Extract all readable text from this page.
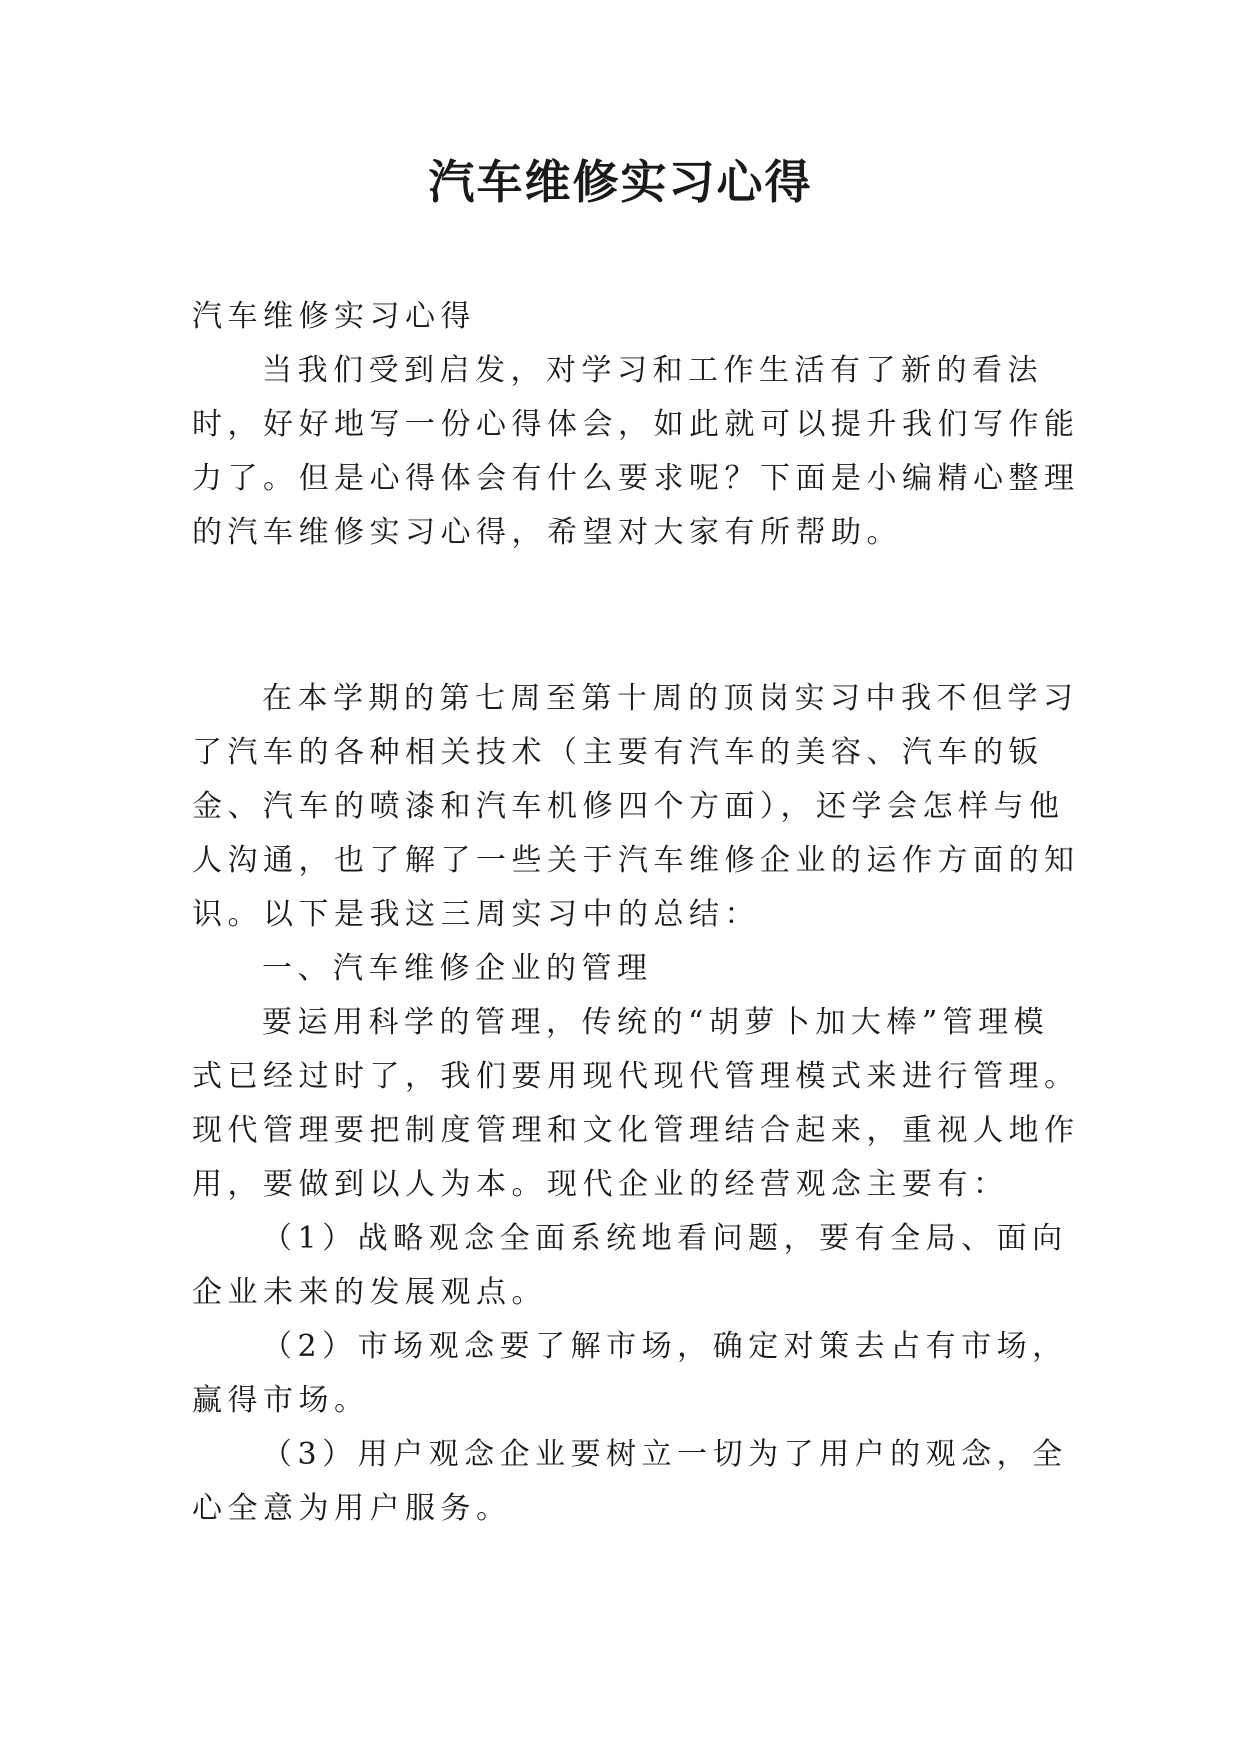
汽车维修实习心得

汽车维修实习心得

当我们受到启发，对学习和工作生活有了新的看法时，好好地写一份心得体会，如此就可以提升我们写作能力了。但是心得体会有什么要求呢？下面是小编精心整理的汽车维修实习心得，希望对大家有所帮助。

在本学期的第七周至第十周的顶岗实习中我不但学习了汽车的各种相关技术（主要有汽车的美容、汽车的钣金、汽车的喷漆和汽车机修四个方面），还学会怎样与他人沟通，也了解了一些关于汽车维修企业的运作方面的知识。以下是我这三周实习中的总结：

一、汽车维修企业的管理

要运用科学的管理，传统的“胡萝卜加大棒”管理模式已经过时了，我们要用现代现代管理模式来进行管理。现代管理要把制度管理和文化管理结合起来，重视人地作用，要做到以人为本。现代企业的经营观念主要有：

（1）战略观念全面系统地看问题，要有全局、面向企业未来的发展观点。

（2）市场观念要了解市场，确定对策去占有市场，赢得市场。

（3）用户观念企业要树立一切为了用户的观念，全心全意为用户服务。
